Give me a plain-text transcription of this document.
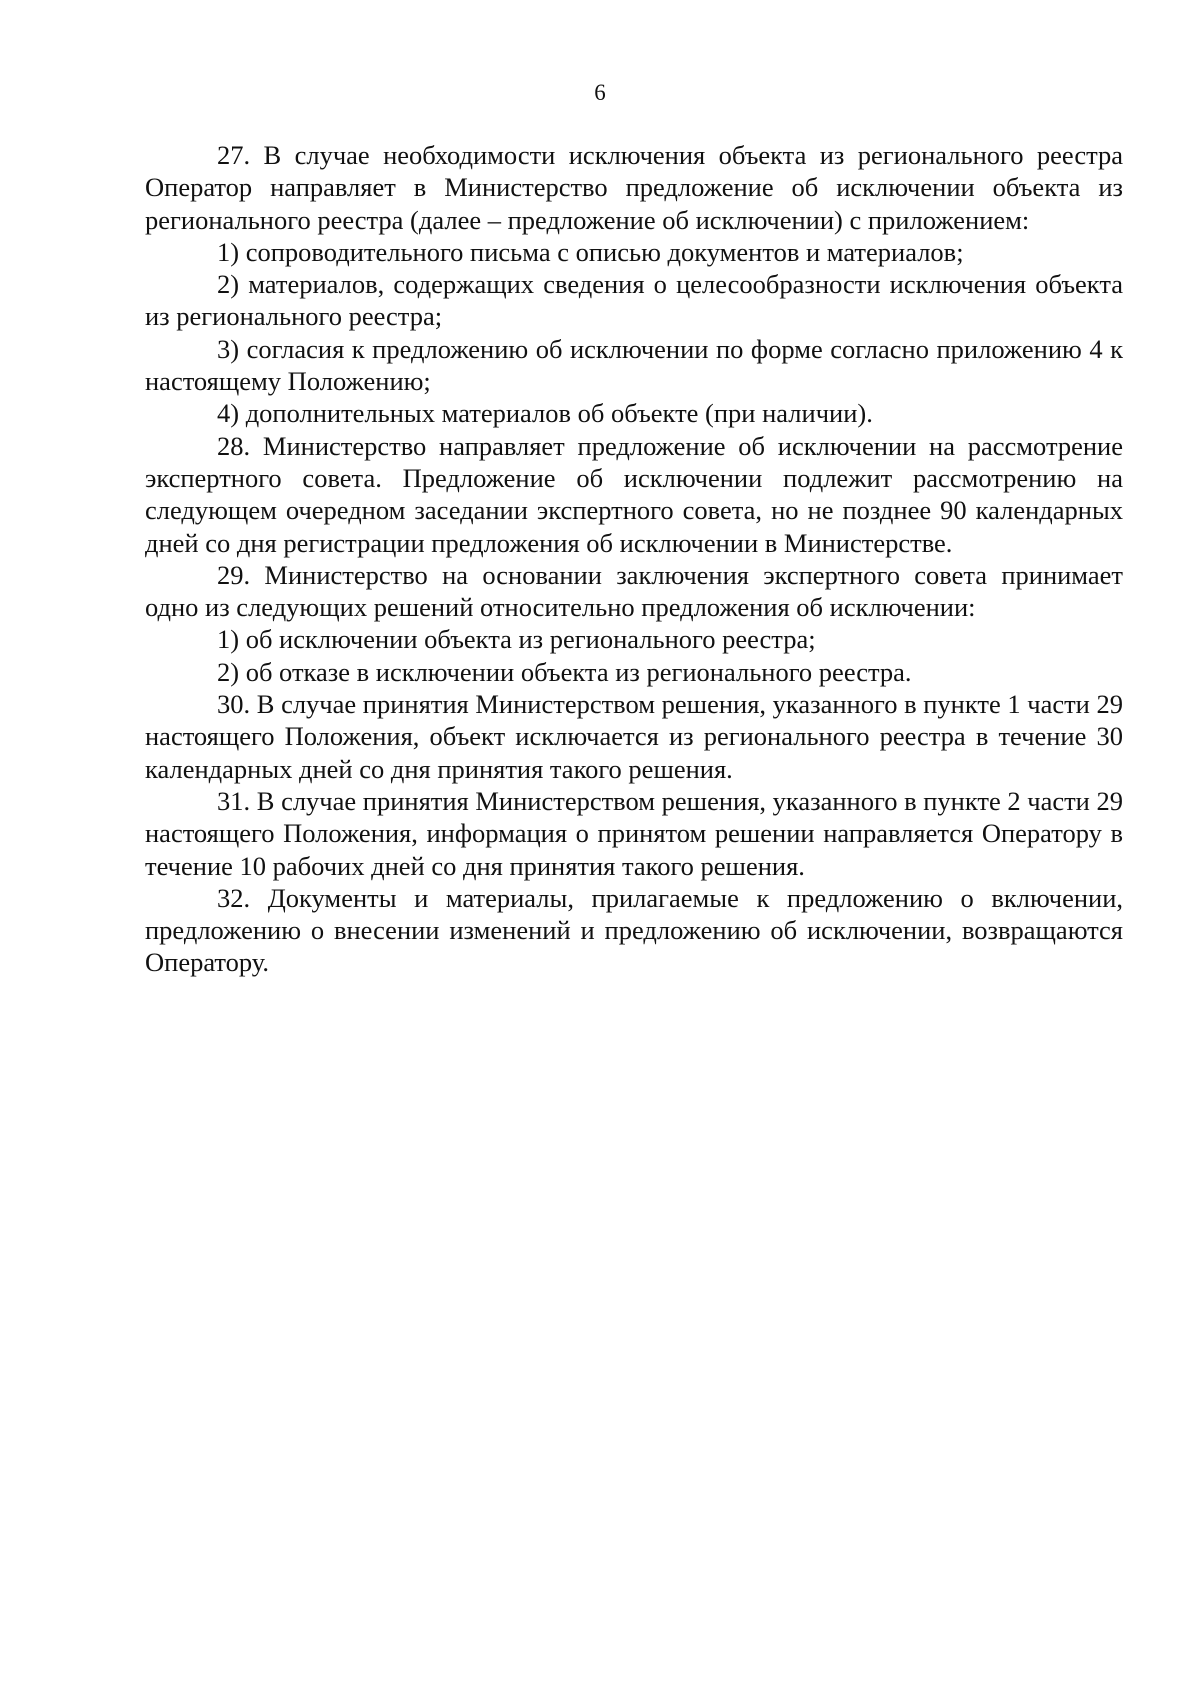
6

27. В случае необходимости исключения объекта из регионального реестра Оператор направляет в Министерство предложение об исключении объекта из регионального реестра (далее – предложение об исключении) с приложением:

1) сопроводительного письма с описью документов и материалов;

2) материалов, содержащих сведения о целесообразности исключения объекта из регионального реестра;

3) согласия к предложению об исключении по форме согласно приложению 4 к настоящему Положению;

4) дополнительных материалов об объекте (при наличии).

28. Министерство направляет предложение об исключении на рассмотрение экспертного совета. Предложение об исключении подлежит рассмотрению на следующем очередном заседании экспертного совета, но не позднее 90 календарных дней со дня регистрации предложения об исключении в Министерстве.

29. Министерство на основании заключения экспертного совета принимает одно из следующих решений относительно предложения об исключении:

1) об исключении объекта из регионального реестра;

2) об отказе в исключении объекта из регионального реестра.

30. В случае принятия Министерством решения, указанного в пункте 1 части 29 настоящего Положения, объект исключается из регионального реестра в течение 30 календарных дней со дня принятия такого решения.

31. В случае принятия Министерством решения, указанного в пункте 2 части 29 настоящего Положения, информация о принятом решении направляется Оператору в течение 10 рабочих дней со дня принятия такого решения.

32. Документы и материалы, прилагаемые к предложению о включении, предложению о внесении изменений и предложению об исключении, возвращаются Оператору.
